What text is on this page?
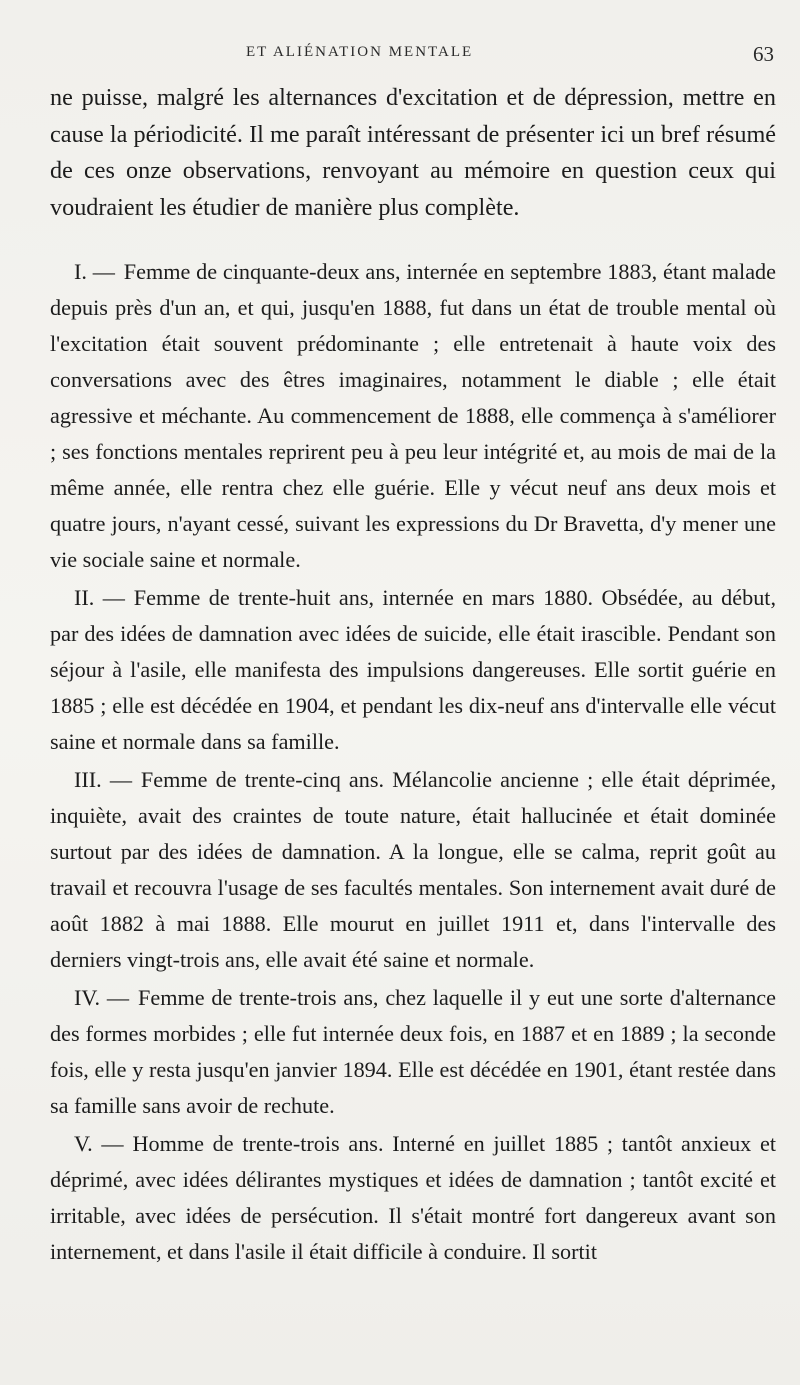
ET ALIÉNATION MENTALE	63

ne puisse, malgré les alternances d'excitation et de dépression, mettre en cause la périodicité. Il me paraît intéressant de présenter ici un bref résumé de ces onze observations, renvoyant au mémoire en question ceux qui voudraient les étudier de manière plus complète.

I. — Femme de cinquante-deux ans, internée en septembre 1883, étant malade depuis près d'un an, et qui, jusqu'en 1888, fut dans un état de trouble mental où l'excitation était souvent prédominante ; elle entretenait à haute voix des conversations avec des êtres imaginaires, notamment le diable ; elle était agressive et méchante. Au commencement de 1888, elle commença à s'améliorer ; ses fonctions mentales reprirent peu à peu leur intégrité et, au mois de mai de la même année, elle rentra chez elle guérie. Elle y vécut neuf ans deux mois et quatre jours, n'ayant cessé, suivant les expressions du Dr Bravetta, d'y mener une vie sociale saine et normale.

II. — Femme de trente-huit ans, internée en mars 1880. Obsédée, au début, par des idées de damnation avec idées de suicide, elle était irascible. Pendant son séjour à l'asile, elle manifesta des impulsions dangereuses. Elle sortit guérie en 1885 ; elle est décédée en 1904, et pendant les dix-neuf ans d'intervalle elle vécut saine et normale dans sa famille.

III. — Femme de trente-cinq ans. Mélancolie ancienne ; elle était déprimée, inquiète, avait des craintes de toute nature, était hallucinée et était dominée surtout par des idées de damnation. A la longue, elle se calma, reprit goût au travail et recouvra l'usage de ses facultés mentales. Son internement avait duré de août 1882 à mai 1888. Elle mourut en juillet 1911 et, dans l'intervalle des derniers vingt-trois ans, elle avait été saine et normale.

IV. — Femme de trente-trois ans, chez laquelle il y eut une sorte d'alternance des formes morbides ; elle fut internée deux fois, en 1887 et en 1889 ; la seconde fois, elle y resta jusqu'en janvier 1894. Elle est décédée en 1901, étant restée dans sa famille sans avoir de rechute.

V. — Homme de trente-trois ans. Interné en juillet 1885 ; tantôt anxieux et déprimé, avec idées délirantes mystiques et idées de damnation ; tantôt excité et irritable, avec idées de persécution. Il s'était montré fort dangereux avant son internement, et dans l'asile il était difficile à conduire. Il sortit
